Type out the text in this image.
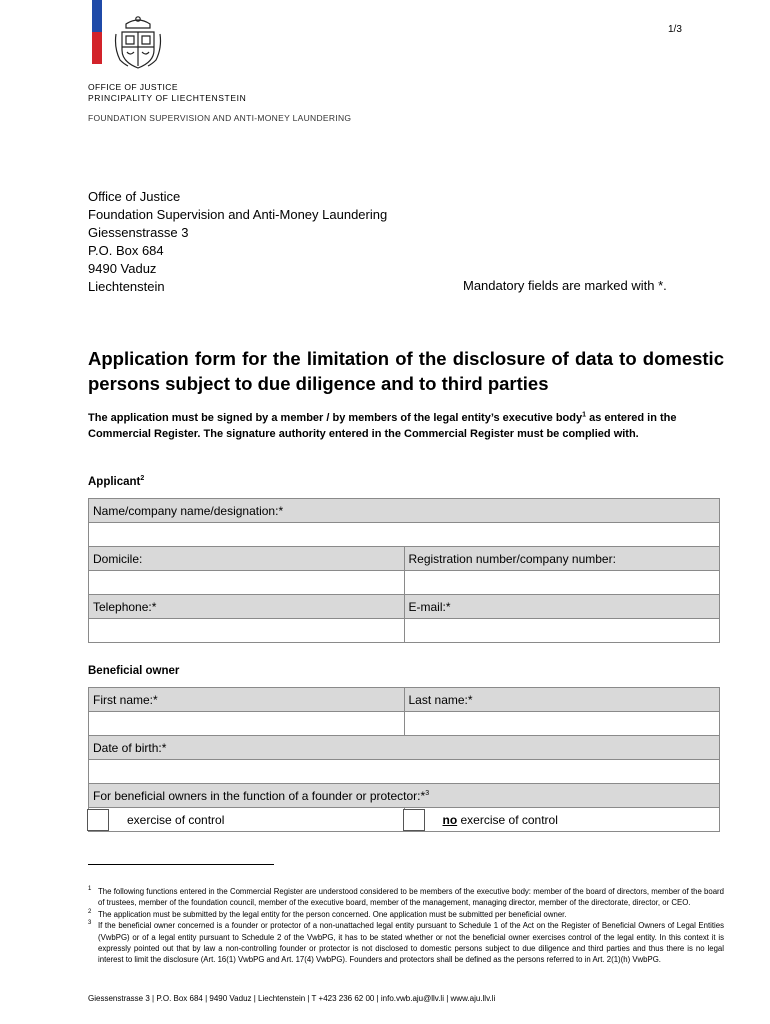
1/3
OFFICE OF JUSTICE
PRINCIPALITY OF LIECHTENSTEIN
FOUNDATION SUPERVISION AND ANTI-MONEY LAUNDERING
Office of Justice
Foundation Supervision and Anti-Money Laundering
Giessenstrasse 3
P.O. Box 684
9490 Vaduz
Liechtenstein	Mandatory fields are marked with *.
Application form for the limitation of the disclosure of data to domestic persons subject to due diligence and to third parties
The application must be signed by a member / by members of the legal entity’s executive body$^1$ as entered in the Commercial Register. The signature authority entered in the Commercial Register must be complied with.
Applicant$^2$
Name/company name/designation:*	

Domicile:	Registration number/company number:

Telephone:*	E-mail:*

Beneficial owner
First name:*	Last name:*

Date of birth:*	

For beneficial owners in the function of a founder or protector:*$^3$
exercise of control	no exercise of control
1 The following functions entered in the Commercial Register are understood considered to be members of the executive body: member of the board of directors, member of the board of trustees, member of the foundation council, member of the executive board, member of the management, managing director, member of the directorate, director, or CEO.
2 The application must be submitted by the legal entity for the person concerned. One application must be submitted per beneficial owner.
3 If the beneficial owner concerned is a founder or protector of a non-unattached legal entity pursuant to Schedule 1 of the Act on the Register of Beneficial Owners of Legal Entities (VwbPG) or of a legal entity pursuant to Schedule 2 of the VwbPG, it has to be stated whether or not the beneficial owner exercises control of the legal entity. In this context it is expressly pointed out that by law a non-controlling founder or protector is not disclosed to domestic persons subject to due diligence and third parties and thus there is no legal interest to limit the disclosure (Art. 16(1) VwbPG and Art. 17(4) VwbPG). Founders and protectors shall be defined as the persons referred to in Art. 2(1)(h) VwbPG.
Giessenstrasse 3 | P.O. Box 684 | 9490 Vaduz | Liechtenstein | T +423 236 62 00 | info.vwb.aju@llv.li | www.aju.llv.li
